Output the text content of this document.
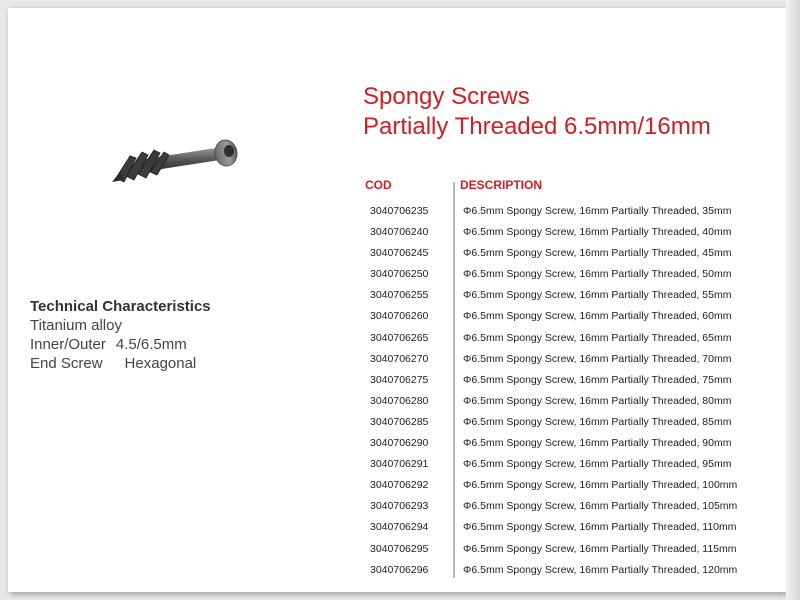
Spongy Screws
Partially Threaded 6.5mm/16mm
Technical Characteristics
Titanium alloy
Inner/Outer 4.5/6.5mm
End Screw Hexagonal
COD	DESCRIPTION
3040706235	Φ6.5mm Spongy Screw, 16mm Partially Threaded, 35mm
3040706240	Φ6.5mm Spongy Screw, 16mm Partially Threaded, 40mm
3040706245	Φ6.5mm Spongy Screw, 16mm Partially Threaded, 45mm
3040706250	Φ6.5mm Spongy Screw, 16mm Partially Threaded, 50mm
3040706255	Φ6.5mm Spongy Screw, 16mm Partially Threaded, 55mm
3040706260	Φ6.5mm Spongy Screw, 16mm Partially Threaded, 60mm
3040706265	Φ6.5mm Spongy Screw, 16mm Partially Threaded, 65mm
3040706270	Φ6.5mm Spongy Screw, 16mm Partially Threaded, 70mm
3040706275	Φ6.5mm Spongy Screw, 16mm Partially Threaded, 75mm
3040706280	Φ6.5mm Spongy Screw, 16mm Partially Threaded, 80mm
3040706285	Φ6.5mm Spongy Screw, 16mm Partially Threaded, 85mm
3040706290	Φ6.5mm Spongy Screw, 16mm Partially Threaded, 90mm
3040706291	Φ6.5mm Spongy Screw, 16mm Partially Threaded, 95mm
3040706292	Φ6.5mm Spongy Screw, 16mm Partially Threaded, 100mm
3040706293	Φ6.5mm Spongy Screw, 16mm Partially Threaded, 105mm
3040706294	Φ6.5mm Spongy Screw, 16mm Partially Threaded, 110mm
3040706295	Φ6.5mm Spongy Screw, 16mm Partially Threaded, 115mm
3040706296	Φ6.5mm Spongy Screw, 16mm Partially Threaded, 120mm
